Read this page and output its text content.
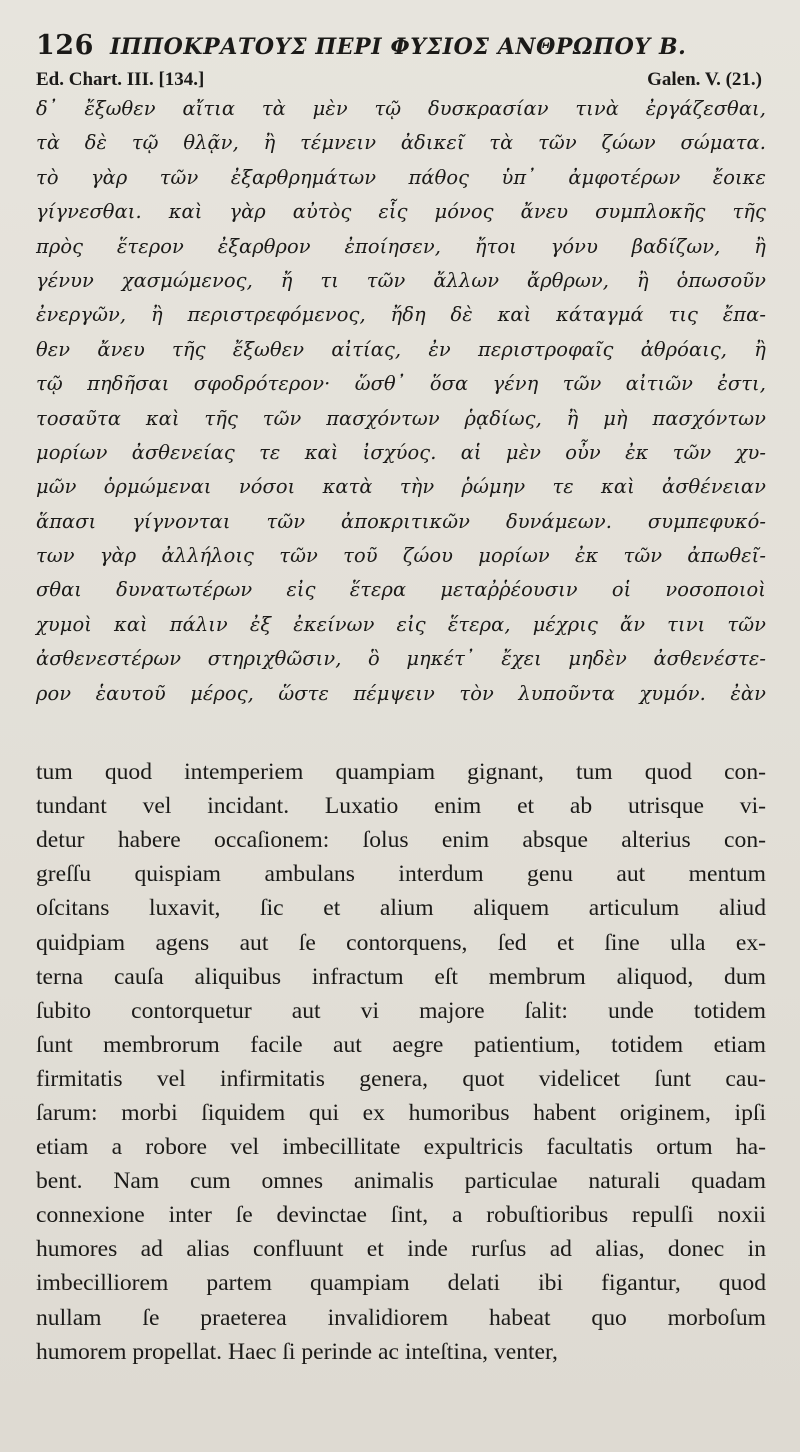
126 ΙΠΠΟΚΡΑΤΟΥΣ ΠΕΡΙ ΦΥΣΙΟΣ ΑΝΘΡΩΠΟΥ Β.
Ed. Chart. III. [134.]	Galen. V. (21.)
δ᾽ ἔξωθεν αἴτια τὰ μὲν τῷ δυσκρασίαν τινὰ ἐργάζεσθαι,
τὰ δὲ τῷ θλᾷν, ἢ τέμνειν ἀδικεῖ τὰ τῶν ζώων σώματα.
τὸ γὰρ τῶν ἐξαρθρημάτων πάθος ὑπ᾽ ἀμφοτέρων ἔοικε
γίγνεσθαι. καὶ γὰρ αὐτὸς εἷς μόνος ἄνευ συμπλοκῆς τῆς
πρὸς ἕτερον ἐξαρθρον ἐποίησεν, ἤτοι γόνυ βαδίζων, ἢ
γένυν χασμώμενος, ἤ τι τῶν ἄλλων ἄρθρων, ἢ ὁπωσοῦν
ἐνεργῶν, ἢ περιστρεφόμενος, ἤδη δὲ καὶ κάταγμά τις ἔπα-
θεν ἄνευ τῆς ἔξωθεν αἰτίας, ἐν περιστροφαῖς ἀθρόαις, ἢ
τῷ πηδῆσαι σφοδρότερον· ὥσθ᾽ ὅσα γένη τῶν αἰτιῶν ἐστι,
τοσαῦτα καὶ τῆς τῶν πασχόντων ῥᾳδίως, ἢ μὴ πασχόντων
μορίων ἀσθενείας τε καὶ ἰσχύος. αἱ μὲν οὖν ἐκ τῶν χυ-
μῶν ὁρμώμεναι νόσοι κατὰ τὴν ῥώμην τε καὶ ἀσθένειαν
ἅπασι γίγνονται τῶν ἀποκριτικῶν δυνάμεων. συμπεφυκό-
των γὰρ ἀλλήλοις τῶν τοῦ ζώου μορίων ἐκ τῶν ἀπωθεῖ-
σθαι δυνατωτέρων εἰς ἕτερα μεταῤῥέουσιν οἱ νοσοποιοὶ
χυμοὶ καὶ πάλιν ἐξ ἐκείνων εἰς ἕτερα, μέχρις ἄν τινι τῶν
ἀσθενεστέρων στηριχθῶσιν, ὃ μηκέτ᾽ ἔχει μηδὲν ἀσθενέστε-
ρον ἑαυτοῦ μέρος, ὥστε πέμψειν τὸν λυποῦντα χυμόν. ἐὰν
tum quod intemperiem quampiam gignant, tum quod con-
tundant vel incidant. Luxatio enim et ab utrisque vi-
detur habere occaſionem: ſolus enim absque alterius con-
greſſu quispiam ambulans interdum genu aut mentum
oſcitans luxavit, ſic et alium aliquem articulum aliud
quidpiam agens aut ſe contorquens, ſed et ſine ulla ex-
terna cauſa aliquibus infractum eſt membrum aliquod, dum
ſubito contorquetur aut vi majore ſalit: unde totidem
ſunt membrorum facile aut aegre patientium, totidem etiam
firmitatis vel infirmitatis genera, quot videlicet ſunt cau-
ſarum: morbi ſiquidem qui ex humoribus habent originem, ipſi
etiam a robore vel imbecillitate expultricis facultatis ortum ha-
bent. Nam cum omnes animalis particulae naturali quadam
connexione inter ſe devinctae ſint, a robuſtioribus repulſi noxii
humores ad alias confluunt et inde rurſus ad alias, donec in
imbecilliorem partem quampiam delati ibi figantur, quod
nullam ſe praeterea invalidiorem habeat quo morboſum
humorem propellat. Haec ſi perinde ac inteſtina, venter,
